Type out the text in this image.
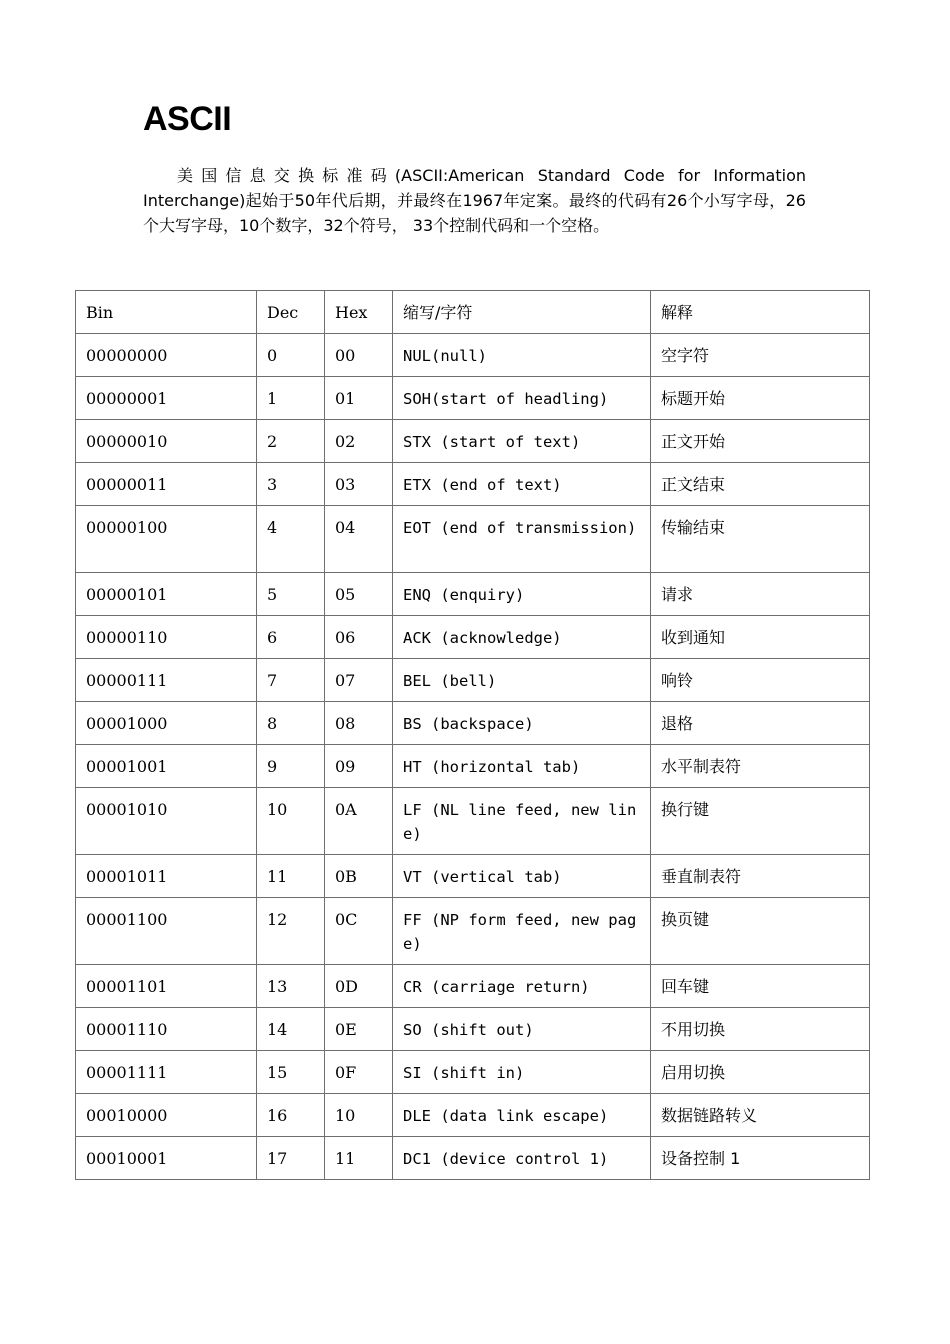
ASCII

美国信息交换标准码(ASCII:American Standard Code for Information Interchange)起始于50年代后期，并最终在1967年定案。最终的代码有26个小写字母，26个大写字母，10个数字，32个符号， 33个控制代码和一个空格。

Bin	Dec	Hex	缩写/字符	解释
00000000	0	00	NUL(null)	空字符
00000001	1	01	SOH(start of headling)	标题开始
00000010	2	02	STX (start of text)	正文开始
00000011	3	03	ETX (end of text)	正文结束
00000100	4	04	EOT (end of transmission)	传输结束
00000101	5	05	ENQ (enquiry)	请求
00000110	6	06	ACK (acknowledge)	收到通知
00000111	7	07	BEL (bell)	响铃
00001000	8	08	BS (backspace)	退格
00001001	9	09	HT (horizontal tab)	水平制表符
00001010	10	0A	LF (NL line feed, new line)	换行键
00001011	11	0B	VT (vertical tab)	垂直制表符
00001100	12	0C	FF (NP form feed, new page)	换页键
00001101	13	0D	CR (carriage return)	回车键
00001110	14	0E	SO (shift out)	不用切换
00001111	15	0F	SI (shift in)	启用切换
00010000	16	10	DLE (data link escape)	数据链路转义
00010001	17	11	DC1 (device control 1)	设备控制 1
